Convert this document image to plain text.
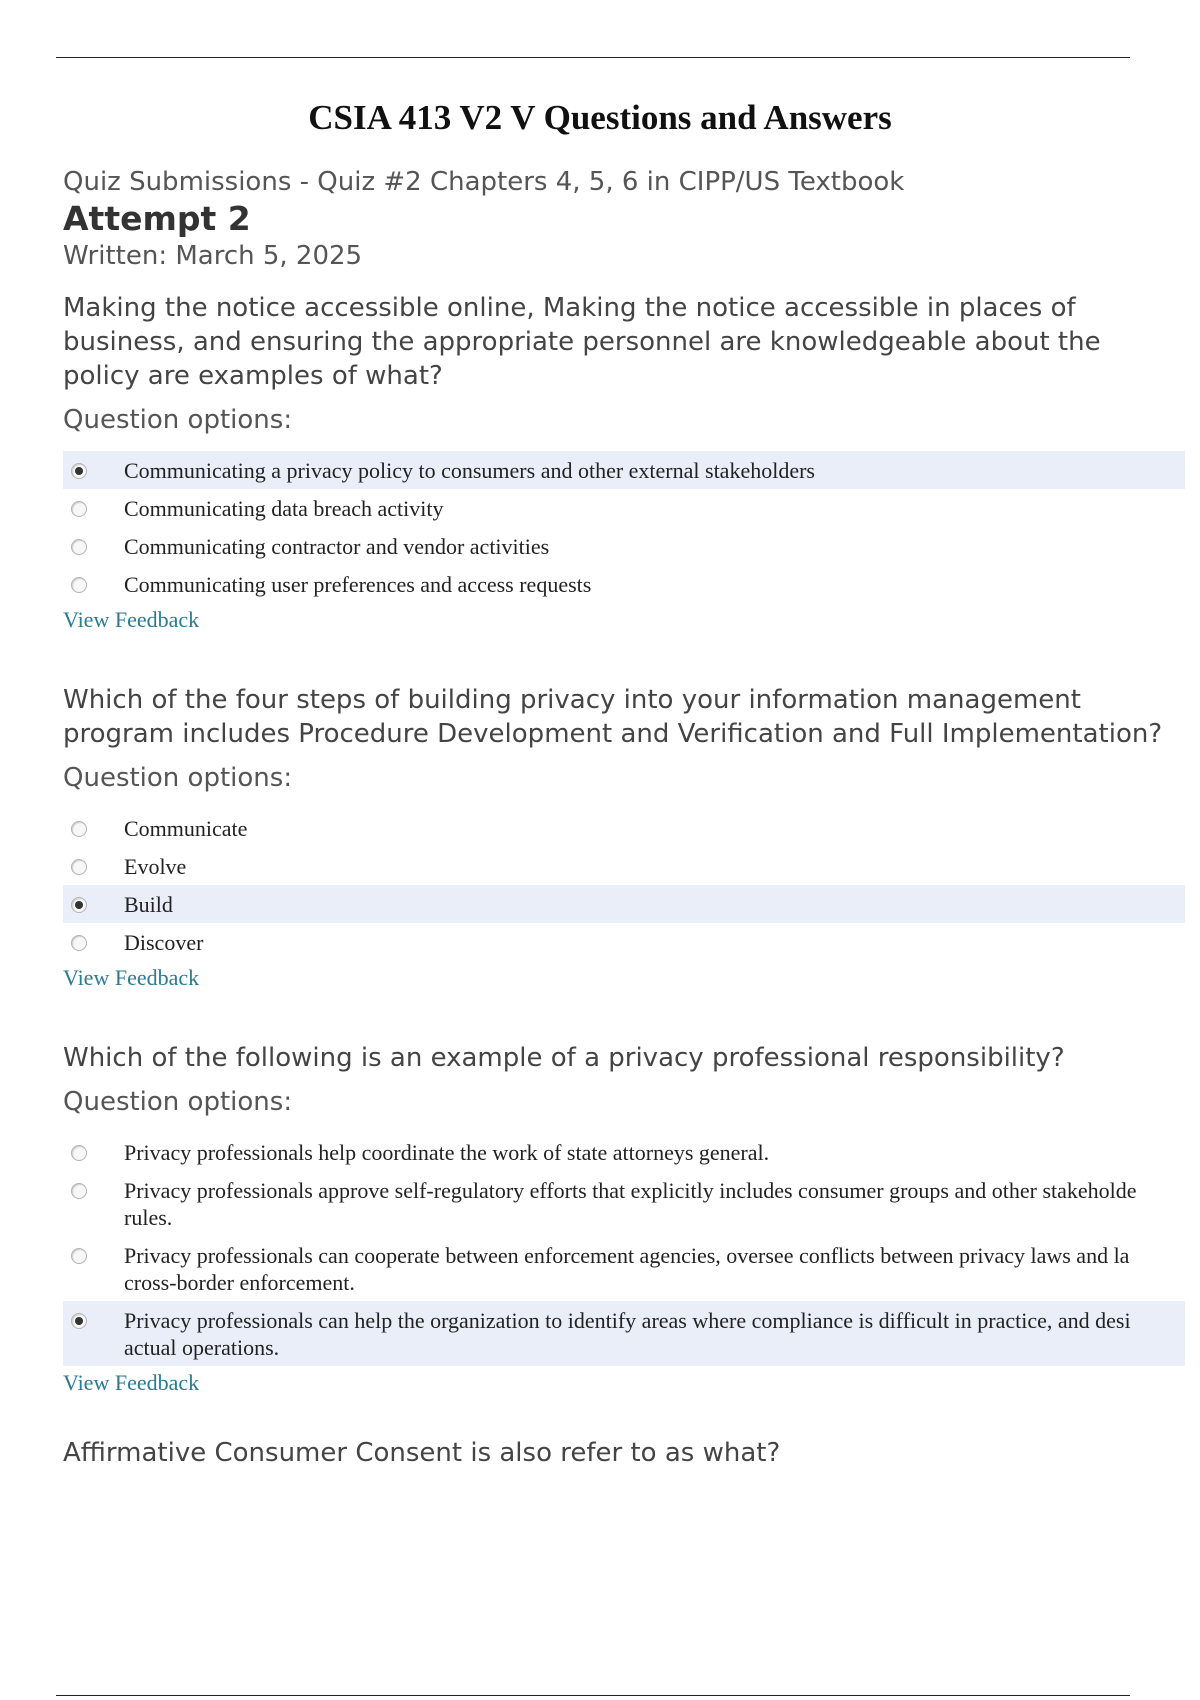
CSIA 413 V2 V Questions and Answers

Quiz Submissions - Quiz #2 Chapters 4, 5, 6 in CIPP/US Textbook

Attempt 2

Written: March 5, 2025

Making the notice accessible online, Making the notice accessible in places of business, and ensuring the appropriate personnel are knowledgeable about the policy are examples of what?

Question options:

Communicating a privacy policy to consumers and other external stakeholders
Communicating data breach activity
Communicating contractor and vendor activities
Communicating user preferences and access requests

View Feedback

Which of the four steps of building privacy into your information management program includes Procedure Development and Verification and Full Implementation?

Question options:

Communicate
Evolve
Build
Discover

View Feedback

Which of the following is an example of a privacy professional responsibility?

Question options:

Privacy professionals help coordinate the work of state attorneys general.
Privacy professionals approve self-regulatory efforts that explicitly includes consumer groups and other stakeholde
rules.
Privacy professionals can cooperate between enforcement agencies, oversee conflicts between privacy laws and la
cross-border enforcement.
Privacy professionals can help the organization to identify areas where compliance is difficult in practice, and desi
actual operations.

View Feedback

Affirmative Consumer Consent is also refer to as what?
